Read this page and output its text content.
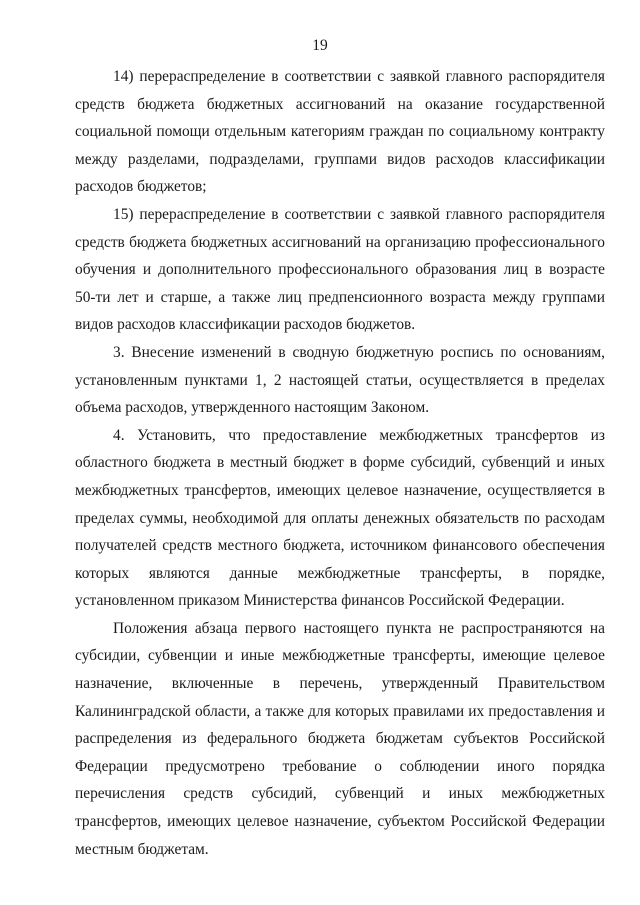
19

14) перераспределение в соответствии с заявкой главного распорядителя средств бюджета бюджетных ассигнований на оказание государственной социальной помощи отдельным категориям граждан по социальному контракту между разделами, подразделами, группами видов расходов классификации расходов бюджетов;

15) перераспределение в соответствии с заявкой главного распорядителя средств бюджета бюджетных ассигнований на организацию профессионального обучения и дополнительного профессионального образования лиц в возрасте 50-ти лет и старше, а также лиц предпенсионного возраста между группами видов расходов классификации расходов бюджетов.

3. Внесение изменений в сводную бюджетную роспись по основаниям, установленным пунктами 1, 2 настоящей статьи, осуществляется в пределах объема расходов, утвержденного настоящим Законом.

4. Установить, что предоставление межбюджетных трансфертов из областного бюджета в местный бюджет в форме субсидий, субвенций и иных межбюджетных трансфертов, имеющих целевое назначение, осуществляется в пределах суммы, необходимой для оплаты денежных обязательств по расходам получателей средств местного бюджета, источником финансового обеспечения которых являются данные межбюджетные трансферты, в порядке, установленном приказом Министерства финансов Российской Федерации.

Положения абзаца первого настоящего пункта не распространяются на субсидии, субвенции и иные межбюджетные трансферты, имеющие целевое назначение, включенные в перечень, утвержденный Правительством Калининградской области, а также для которых правилами их предоставления и распределения из федерального бюджета бюджетам субъектов Российской Федерации предусмотрено требование о соблюдении иного порядка перечисления средств субсидий, субвенций и иных межбюджетных трансфертов, имеющих целевое назначение, субъектом Российской Федерации местным бюджетам.
